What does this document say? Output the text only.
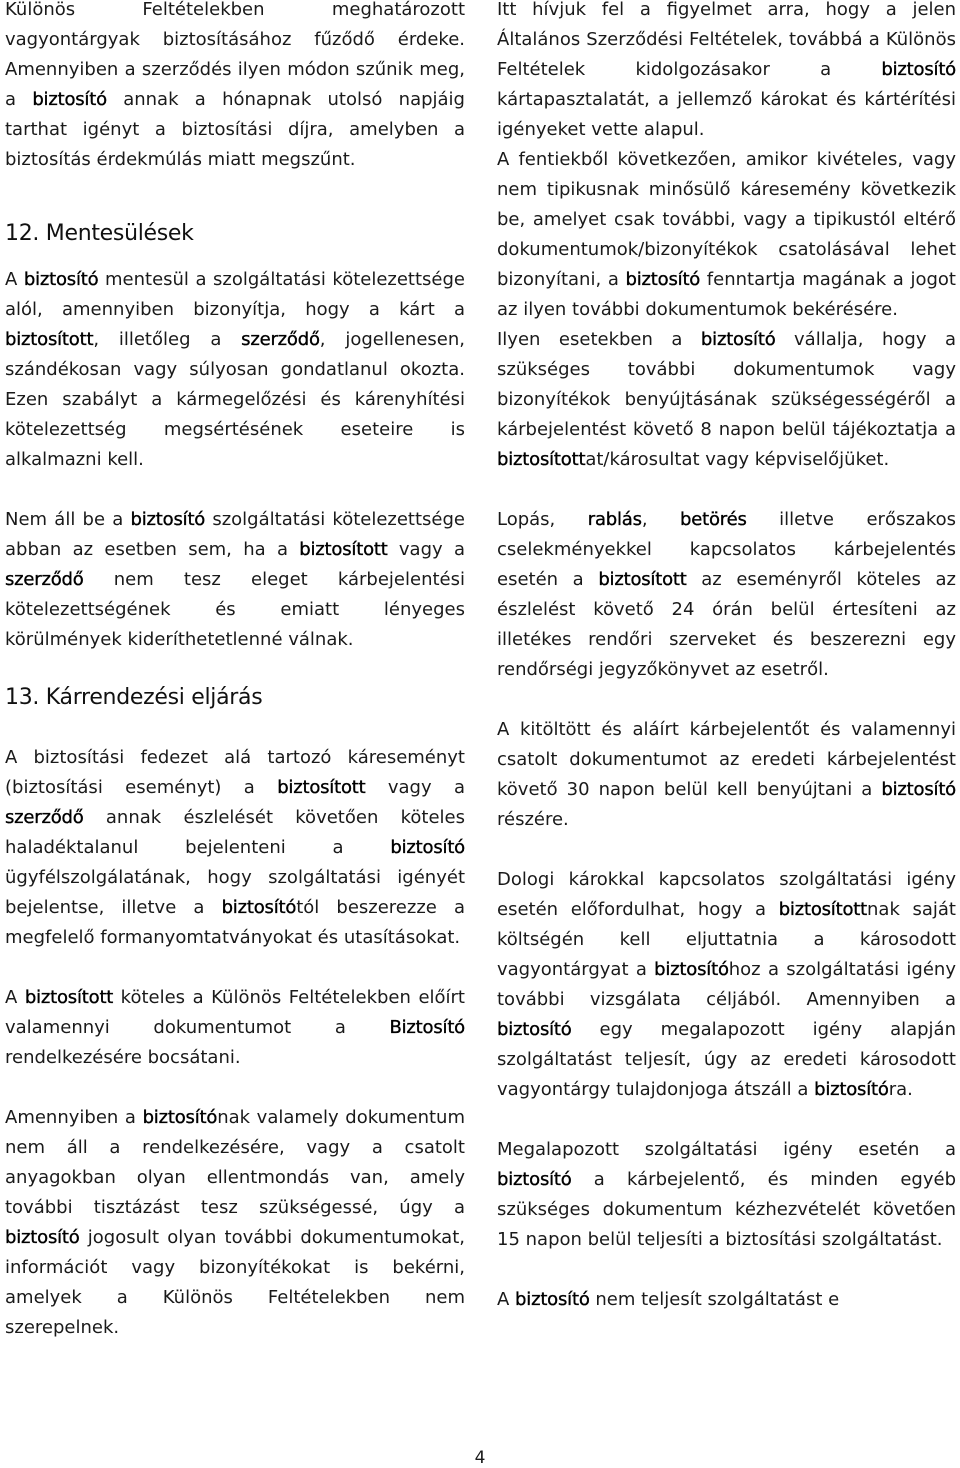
Különös Feltételekben meghatározott vagyontárgyak biztosításához fűződő érdeke. Amennyiben a szerződés ilyen módon szűnik meg, a biztosító annak a hónapnak utolsó napjáig tarthat igényt a biztosítási díjra, amelyben a biztosítás érdekmúlás miatt megszűnt.

12. Mentesülések

A biztosító mentesül a szolgáltatási kötelezettsége alól, amennyiben bizonyítja, hogy a kárt a biztosított, illetőleg a szerződő, jogellenesen, szándékosan vagy súlyosan gondatlanul okozta. Ezen szabályt a kármegelőzési és kárenyhítési kötelezettség megsértésének eseteire is alkalmazni kell.

Nem áll be a biztosító szolgáltatási kötelezettsége abban az esetben sem, ha a biztosított vagy a szerződő nem tesz eleget kárbejelentési kötelezettségének és emiatt lényeges körülmények kideríthetetlenné válnak.

13. Kárrendezési eljárás

A biztosítási fedezet alá tartozó káreseményt (biztosítási eseményt) a biztosított vagy a szerződő annak észlelését követően köteles haladéktalanul bejelenteni a biztosító ügyfélszolgálatának, hogy szolgáltatási igényét bejelentse, illetve a biztosítótól beszerezze a megfelelő formanyomtatványokat és utasításokat.

A biztosított köteles a Különös Feltételekben előírt valamennyi dokumentumot a Biztosító rendelkezésére bocsátani.

Amennyiben a biztosítónak valamely dokumentum nem áll a rendelkezésére, vagy a csatolt anyagokban olyan ellentmondás van, amely további tisztázást tesz szükségessé, úgy a biztosító jogosult olyan további dokumentumokat, információt vagy bizonyítékokat is bekérni, amelyek a Különös Feltételekben nem szerepelnek.

Itt hívjuk fel a figyelmet arra, hogy a jelen Általános Szerződési Feltételek, továbbá a Különös Feltételek kidolgozásakor a biztosító kártapasztalatát, a jellemző károkat és kártérítési igényeket vette alapul.

A fentiekből következően, amikor kivételes, vagy nem tipikusnak minősülő káresemény következik be, amelyet csak további, vagy a tipikustól eltérő dokumentumok/bizonyítékok csatolásával lehet bizonyítani, a biztosító fenntartja magának a jogot az ilyen további dokumentumok bekérésére.

Ilyen esetekben a biztosító vállalja, hogy a szükséges további dokumentumok vagy bizonyítékok benyújtásának szükségességéről a kárbejelentést követő 8 napon belül tájékoztatja a biztosítottat/károsultat vagy képviselőjüket.

Lopás, rablás, betörés illetve erőszakos cselekményekkel kapcsolatos kárbejelentés esetén a biztosított az eseményről köteles az észlelést követő 24 órán belül értesíteni az illetékes rendőri szerveket és beszerezni egy rendőrségi jegyzőkönyvet az esetről.

A kitöltött és aláírt kárbejelentőt és valamennyi csatolt dokumentumot az eredeti kárbejelentést követő 30 napon belül kell benyújtani a biztosító részére.

Dologi károkkal kapcsolatos szolgáltatási igény esetén előfordulhat, hogy a biztosítottnak saját költségén kell eljuttatnia a károsodott vagyontárgyat a biztosítóhoz a szolgáltatási igény további vizsgálata céljából. Amennyiben a biztosító egy megalapozott igény alapján szolgáltatást teljesít, úgy az eredeti károsodott vagyontárgy tulajdonjoga átszáll a biztosítóra.

Megalapozott szolgáltatási igény esetén a biztosító a kárbejelentő, és minden egyéb szükséges dokumentum kézhezvételét követően 15 napon belül teljesíti a biztosítási szolgáltatást.

A biztosító nem teljesít szolgáltatást e

4
